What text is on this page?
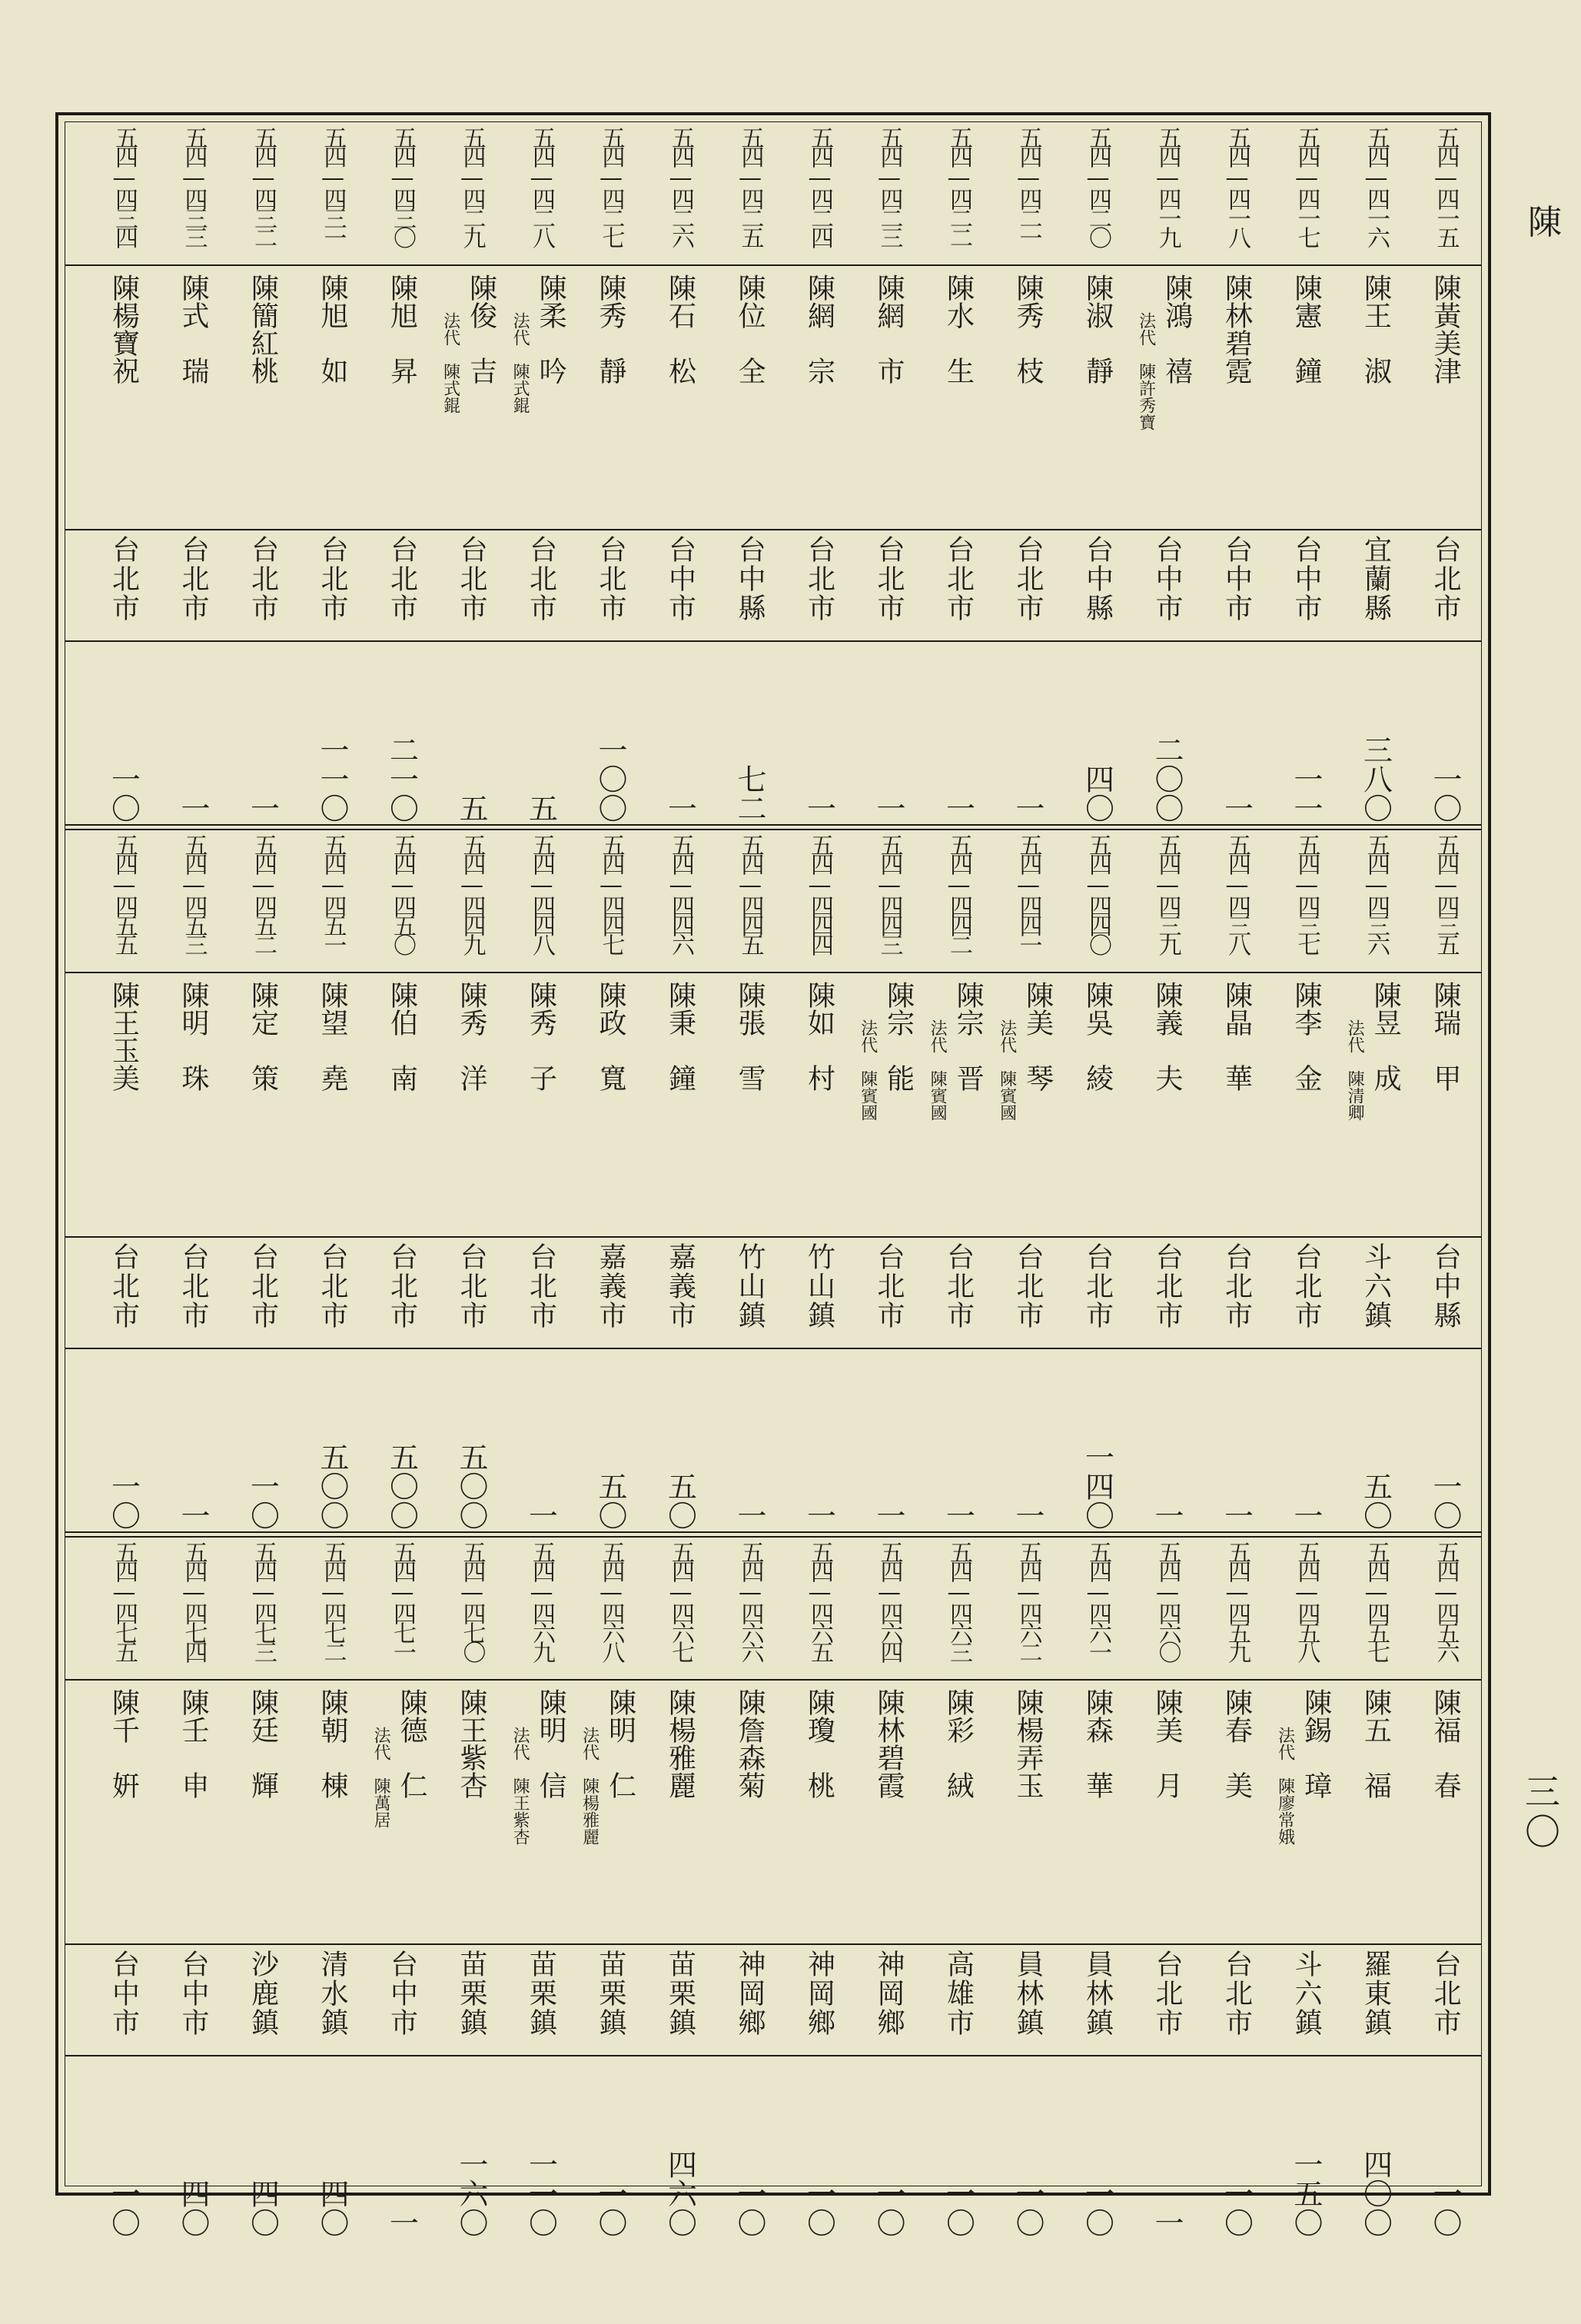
陳
三〇
五四—四一五
陳黃美津
台北市
一〇
五四—四一六
陳王　淑
宜蘭縣
三八〇
五四—四一七
陳憲　鐘
台中市
一一
五四—四一八
陳林碧霓
台中市
一
五四—四一九
陳鴻　禧
法代　陳許秀寶
台中市
二〇〇
五四—四二〇
陳淑　靜
台中縣
四〇
五四—四二一
陳秀　枝
台北市
一
五四—四二二
陳水　生
台北市
一
五四—四二三
陳網　市
台北市
一
五四—四二四
陳網　宗
台北市
一
五四—四二五
陳位　全
台中縣
七二
五四—四二六
陳石　松
台中市
一
五四—四二七
陳秀　靜
台北市
一〇〇
五四—四二八
陳柔　吟
法代　陳式錕
台北市
五
五四—四二九
陳俊　吉
法代　陳式錕
台北市
五
五四—四三〇
陳旭　昇
台北市
二一〇
五四—四三一
陳旭　如
台北市
一一〇
五四—四三二
陳簡紅桃
台北市
一
五四—四三三
陳式　瑞
台北市
一
五四—四三四
陳楊寶祝
台北市
一〇
五四—四三五
陳瑞　甲
台中縣
一〇
五四—四三六
陳昱　成
法代　陳清卿
斗六鎮
五〇
五四—四三七
陳李　金
台北市
一
五四—四三八
陳晶　華
台北市
一
五四—四三九
陳義　夫
台北市
一
五四—四四〇
陳吳　綾
台北市
一四〇
五四—四四一
陳美　琴
法代　陳賓國
台北市
一
五四—四四二
陳宗　晋
法代　陳賓國
台北市
一
五四—四四三
陳宗　能
法代　陳賓國
台北市
一
五四—四四四
陳如　村
竹山鎮
一
五四—四四五
陳張　雪
竹山鎮
一
五四—四四六
陳秉　鐘
嘉義市
五〇
五四—四四七
陳政　寬
嘉義市
五〇
五四—四四八
陳秀　子
台北市
一
五四—四四九
陳秀　洋
台北市
五〇〇
五四—四五〇
陳伯　南
台北市
五〇〇
五四—四五一
陳望　堯
台北市
五〇〇
五四—四五二
陳定　策
台北市
一〇
五四—四五三
陳明　珠
台北市
一
五四—四五五
陳王玉美
台北市
一〇
五四—四五六
陳福　春
台北市
一〇
五四—四五七
陳五　福
羅東鎮
四〇〇
五四—四五八
陳錫　璋
法代　陳廖常娥
斗六鎮
一五〇
五四—四五九
陳春　美
台北市
一〇
五四—四六〇
陳美　月
台北市
一
五四—四六一
陳森　華
員林鎮
一〇
五四—四六二
陳楊弄玉
員林鎮
一〇
五四—四六三
陳彩　絨
高雄市
一〇
五四—四六四
陳林碧霞
神岡鄉
一〇
五四—四六五
陳瓊　桃
神岡鄉
一〇
五四—四六六
陳詹森菊
神岡鄉
一〇
五四—四六七
陳楊雅麗
苗栗鎮
四六〇
五四—四六八
陳明　仁
法代　陳楊雅麗
苗栗鎮
一〇
五四—四六九
陳明　信
法代　陳王紫杏
苗栗鎮
一一〇
五四—四七〇
陳王紫杏
苗栗鎮
一六〇
五四—四七一
陳德　仁
法代　陳萬居
台中市
一
五四—四七二
陳朝　棟
清水鎮
四〇
五四—四七三
陳廷　輝
沙鹿鎮
四〇
五四—四七四
陳壬　申
台中市
四〇
五四—四七五
陳千　姸
台中市
一〇
